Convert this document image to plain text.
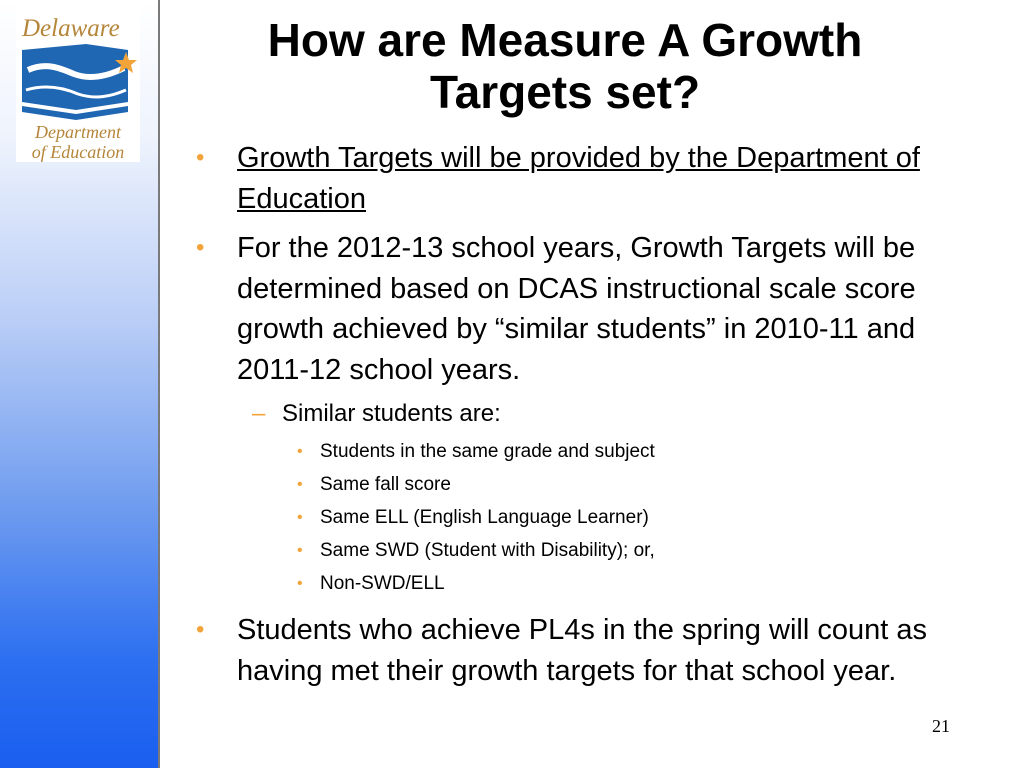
Delaware
Department
of Education
How are Measure A Growth
Targets set?
• Growth Targets will be provided by the Department of Education
• For the 2012-13 school years, Growth Targets will be determined based on DCAS instructional scale score growth achieved by “similar students” in 2010-11 and 2011-12 school years.
– Similar students are:
• Students in the same grade and subject
• Same fall score
• Same ELL (English Language Learner)
• Same SWD (Student with Disability); or,
• Non-SWD/ELL
• Students who achieve PL4s in the spring will count as having met their growth targets for that school year.
21
